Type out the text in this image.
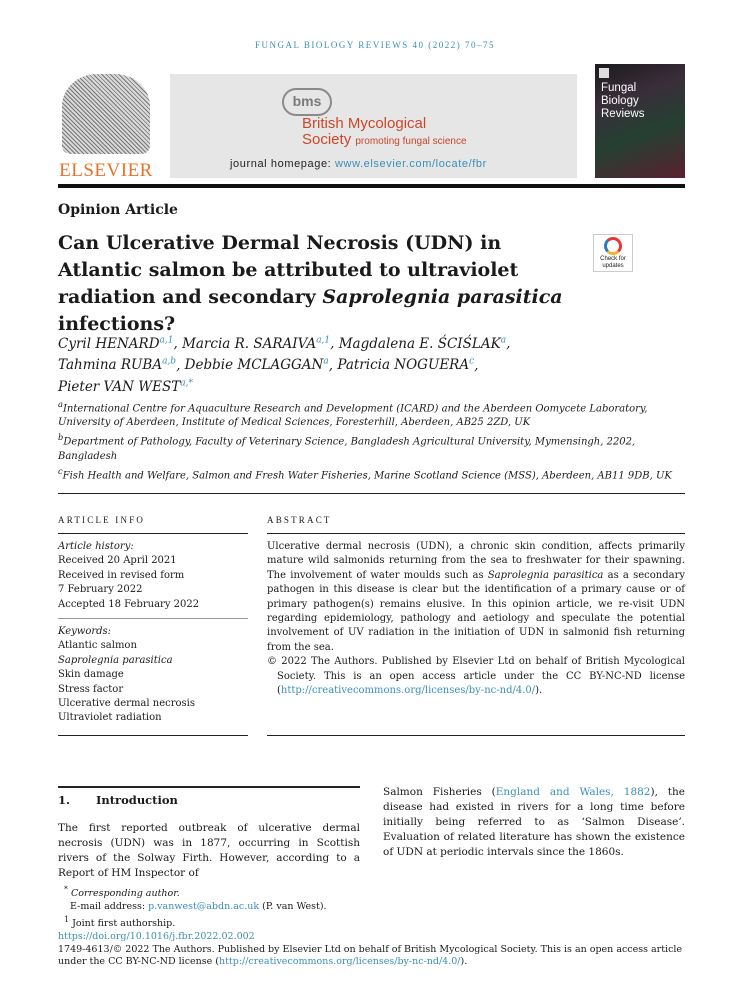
FUNGAL BIOLOGY REVIEWS 40 (2022) 70–75
ELSEVIER
bms
British Mycological
Society promoting fungal science
journal homepage: www.elsevier.com/locate/fbr
Fungal
Biology
Reviews
Opinion Article
Can Ulcerative Dermal Necrosis (UDN) in Atlantic salmon be attributed to ultraviolet radiation and secondary Saprolegnia parasitica infections?
Check for
updates
Cyril HENARD$^{a,1}$, Marcia R. SARAIVA$^{a,1}$, Magdalena E. ŚCIŚLAK$^a$,
Tahmina RUBA$^{a,b}$, Debbie MCLAGGAN$^a$, Patricia NOGUERA$^c$,
Pieter VAN $WEST^{a,*}$

$^a$International Centre for Aquaculture Research and Development (ICARD) and the Aberdeen Oomycete Laboratory, University of Aberdeen, Institute of Medical Sciences, Foresterhill, Aberdeen, AB25 2ZD, UK

$^b$Department of Pathology, Faculty of Veterinary Science, Bangladesh Agricultural University, Mymensingh, 2202, Bangladesh

$^c$Fish Health and Welfare, Salmon and Fresh Water Fisheries, Marine Scotland Science (MSS), Aberdeen, AB11 9DB, UK

ARTICLE INFO	ABSTRACT

Article history:

Received 20 April 2021

Received in revised form

7 February 2022

Accepted 18 February 2022

Keywords:

Atlantic salmon

Saprolegnia parasitica

Skin damage

Stress factor

Ulcerative dermal necrosis

Ultraviolet radiation

Ulcerative dermal necrosis (UDN), a chronic skin condition, affects primarily mature wild salmonids returning from the sea to freshwater for their spawning. The involvement of water moulds such as Saprolegnia parasitica as a secondary pathogen in this disease is clear but the identification of a primary cause or of primary pathogen(s) remains elusive. In this opinion article, we re-visit UDN regarding epidemiology, pathology and aetiology and speculate the potential involvement of UV radiation in the initiation of UDN in salmonid fish returning from the sea.

© 2022 The Authors. Published by Elsevier Ltd on behalf of British Mycological Society. This is an open access article under the CC BY-NC-ND license (http://creativecommons.org/licenses/by-nc-nd/4.0/).

1. Introduction
The first reported outbreak of ulcerative dermal necrosis (UDN) was in 1877, occurring in Scottish rivers of the Solway Firth. However, according to a Report of HM Inspector of
Salmon Fisheries (England and Wales, 1882), the disease had existed in rivers for a long time before initially being referred to as ‘Salmon Disease’. Evaluation of related literature has shown the existence of UDN at periodic intervals since the 1860s.

* Corresponding author.

E-mail address: p.vanwest@abdn.ac.uk (P. van West).

$^1$ Joint first authorship.

https://doi.org/10.1016/j.fbr.2022.02.002

1749-4613/© 2022 The Authors. Published by Elsevier Ltd on behalf of British Mycological Society. This is an open access article under the CC BY-NC-ND license (http://creativecommons.org/licenses/by-nc-nd/4.0/).
